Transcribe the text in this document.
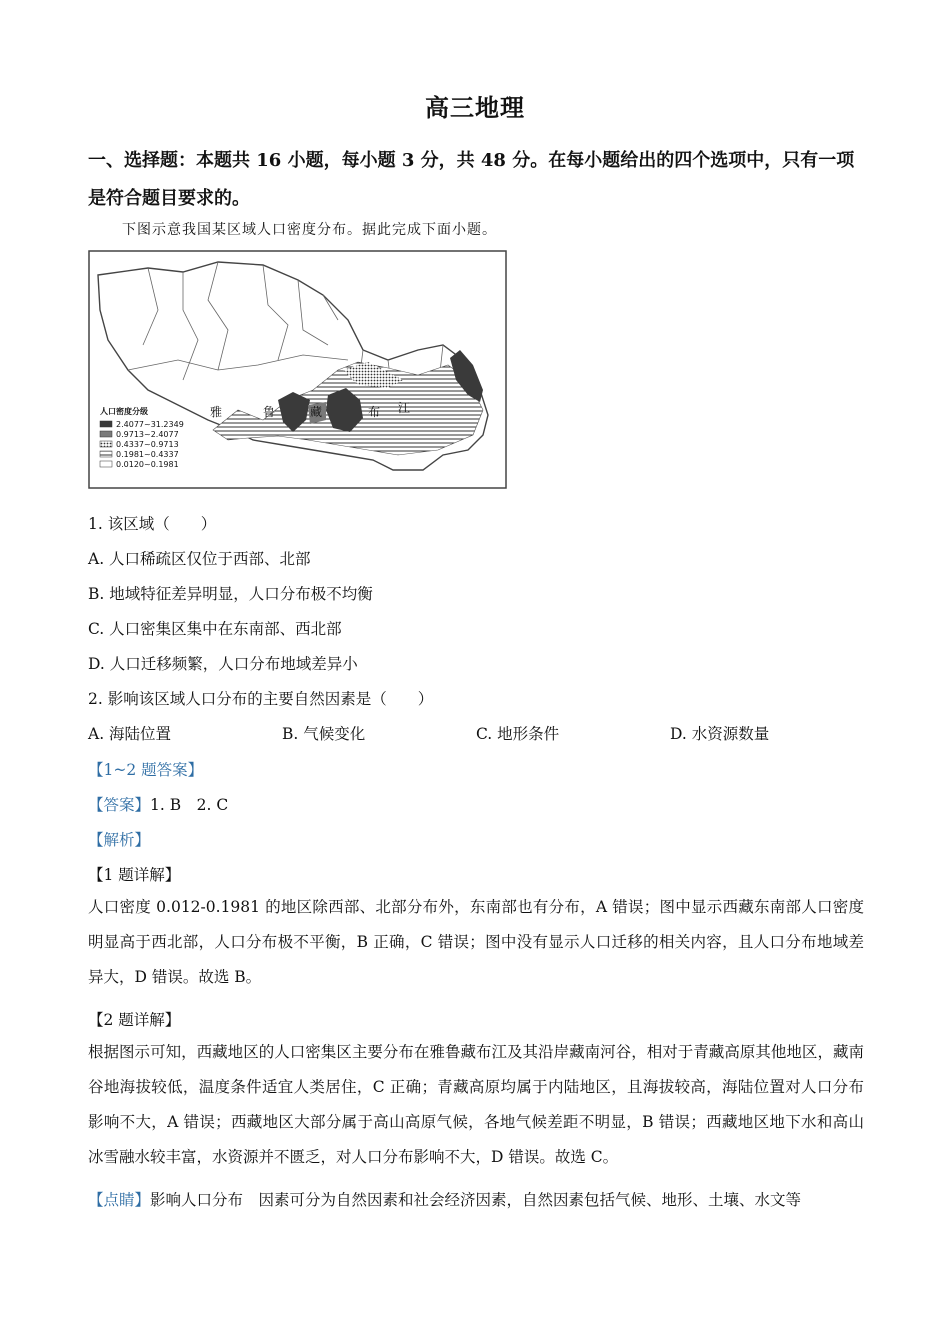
高三地理
一、选择题：本题共 16 小题，每小题 3 分，共 48 分。在每小题给出的四个选项中，只有一项是符合题目要求的。
下图示意我国某区域人口密度分布。据此完成下面小题。
雅	鲁	藏	布 江
人口密度分级
2.4077~31.2349
0.9713~2.4077
0.4337~0.9713
0.1981~0.4337
0.0120~0.1981
1. 该区域（　　）
A. 人口稀疏区仅位于西部、北部
B. 地域特征差异明显，人口分布极不均衡
C. 人口密集区集中在东南部、西北部
D. 人口迁移频繁，人口分布地域差异小
2. 影响该区域人口分布的主要自然因素是（　　）
A. 海陆位置	B. 气候变化	C. 地形条件	D. 水资源数量
【1~2 题答案】
【答案】1. B　2. C
【解析】
【1 题详解】
人口密度 0.012-0.1981 的地区除西部、北部分布外，东南部也有分布，A 错误；图中显示西藏东南部人口密度明显高于西北部，人口分布极不平衡，B 正确，C 错误；图中没有显示人口迁移的相关内容，且人口分布地域差异大，D 错误。故选 B。
【2 题详解】
根据图示可知，西藏地区的人口密集区主要分布在雅鲁藏布江及其沿岸藏南河谷，相对于青藏高原其他地区，藏南谷地海拔较低，温度条件适宜人类居住，C 正确；青藏高原均属于内陆地区，且海拔较高，海陆位置对人口分布影响不大，A 错误；西藏地区大部分属于高山高原气候，各地气候差距不明显，B 错误；西藏地区地下水和高山冰雪融水较丰富，水资源并不匮乏，对人口分布影响不大，D 错误。故选 C。
【点睛】影响人口分布　因素可分为自然因素和社会经济因素，自然因素包括气候、地形、土壤、水文等
